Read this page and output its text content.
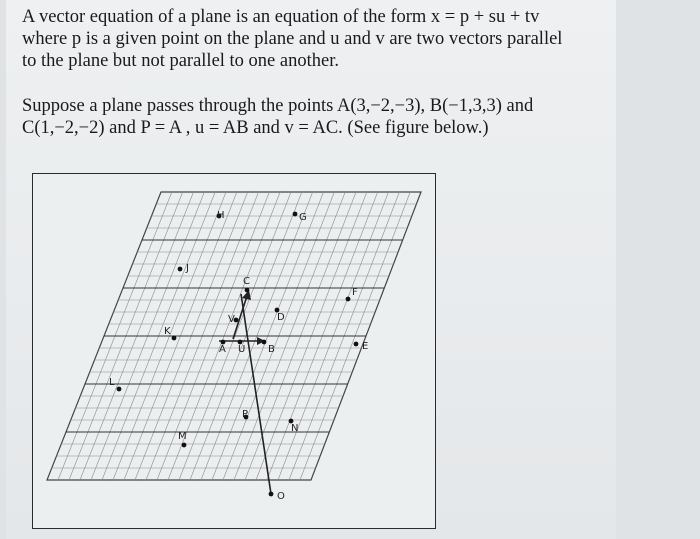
A vector equation of a plane is an equation of the form x = p + su + tv
where p is a given point on the plane and u and v are two vectors parallel
to the plane but not parallel to one another.

Suppose a plane passes through the points A(3,−2,−3), B(−1,3,3) and
C(1,−2,−2) and P = A , u = AB and v = AC. (See figure below.)

H	G
J
C
F
D
K
V
A U B	E
L
P
N
M
O
